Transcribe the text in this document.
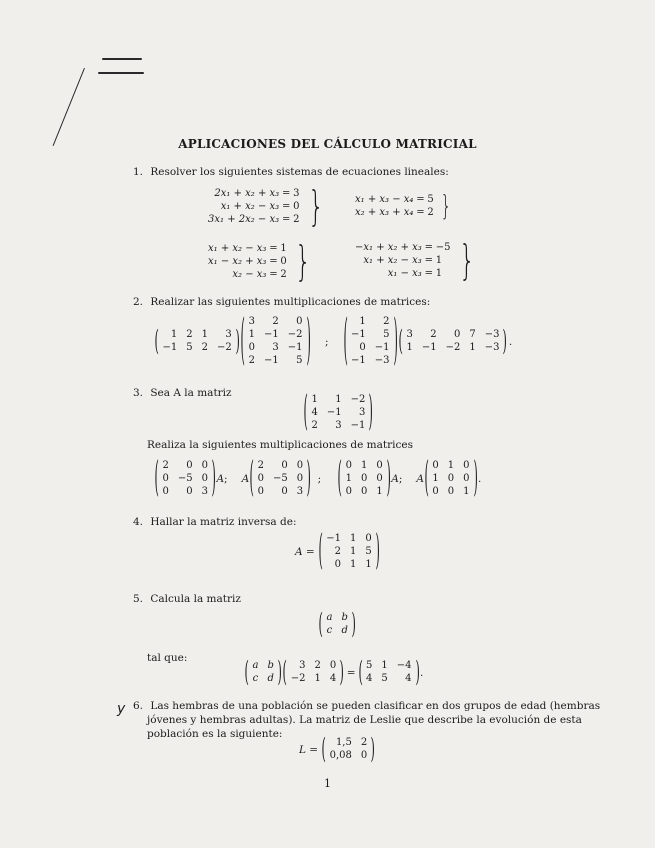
APLICACIONES DEL CÁLCULO MATRICIAL
1. Resolver los siguientes sistemas de ecuaciones lineales:
2x₁ + x₂ + x₃ = 3
x₁ + x₂ − x₃ = 0
3x₁ + 2x₂ − x₃ = 2 }	x₁ + x₃ − x₄ = 5
x₂ + x₃ + x₄ = 2 }
x₁ + x₂ − x₃ = 1
x₁ − x₂ + x₃ = 0
x₂ − x₃ = 2 }	−x₁ + x₂ + x₃ = −5
x₁ + x₂ − x₃ = 1
x₁ − x₃ = 1 }
2. Realizar las siguientes multiplicaciones de matrices:
(	1 2 1	3
−1 5 2 −2 ) ( 3	2	0
1 −1 −2
0	3 −1
2 −1	5 ) ; (	1	2
−1	5
0 −1
−1 −3 ) ( 3	2	0 7 −3
1 −1 −2 1 −3 ) .
3. Sea A la matriz	( 1	1 −2
4 −1	3
2	3 −1 )
Realiza la siguientes multiplicaciones de matrices
( 2	0 0
0 −5 0
0	0 3 ) A ; A ( 2	0 0
0 −5 0
0	0 3 ) ; ( 0 1 0
1 0 0
0 0 1 ) A ; A ( 0 1 0
1 0 0
0 0 1 ) .
4. Hallar la matriz inversa de:
A = ( −1 1 0
2 1 5
0 1 1 )
5. Calcula la matriz
( a b
c d )
tal que:	( a b
c d ) (	3 2 0
−2 1 4 ) = ( 5 1 −4
4 5	4 ) .
y 6. Las hembras de una población se pueden clasificar en dos grupos de edad (hembras
jóvenes y hembras adultas). La matriz de Leslie que describe la evolución de esta
población es la siguiente:
L = ( 1,5 2
0,08 0 )
1
